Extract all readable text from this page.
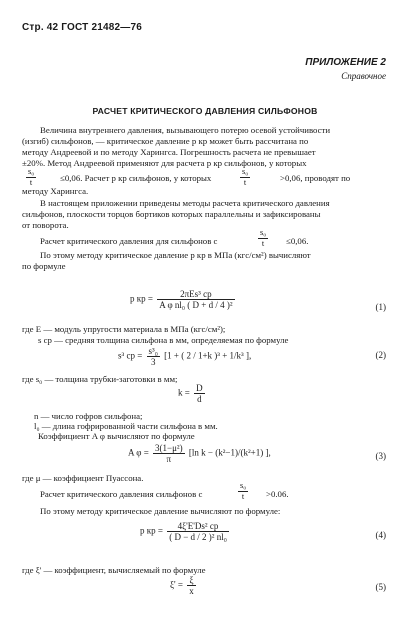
Стр. 42 ГОСТ 21482—76
ПРИЛОЖЕНИЕ 2
Справочное
РАСЧЕТ КРИТИЧЕСКОГО ДАВЛЕНИЯ СИЛЬФОНОВ
Величина внутреннего давления, вызывающего потерю осевой устойчивости
(изгиб) сильфонов, — критическое давление p кр может быть рассчитана по
методу Андреевой и по методу Харингса. Погрешность расчета не превышает
±20%. Метод Андреевой применяют для расчета p кр сильфонов, у которых
$\frac{\text{s₀}}{t}$	≤0,06. Расчет p кр сильфонов, у которых	$\frac{\text{s₀}}{t}$	>0,06, проводят по
методу Харингса.
В настоящем приложении приведены методы расчета критического давления
сильфонов, плоскости торцов бортиков которых параллельны и зафиксированы
от поворота.
Расчет критического давления для сильфонов с	$\frac{\text{s₀}}{t} \le 0,06$.
По этому методу критическое давление p кр в МПа (кгс/см²) вычисляют
по формуле
p кр = $\frac{\text{2πEs³ ср}}{\text{A φ nl₀ ( D + d / 4 )²}}$	(1)
где E — модуль упругости материала в МПа (кгс/см²);
s ср — средняя толщина сильфона в мм, определяемая по формуле
s³ ср = $\frac{\text{s³₀}}{3} [1$ + ( 2 / 1+k )³ + 1/k³ ],	(2)
где s₀ — толщина трубки-заготовки в мм;
$k = \frac{D}{d}$
n — число гофров сильфона;
l₀ — длина гофрированной части сильфона в мм.
Коэффициент A φ вычисляют по формуле
A $\varphi = \frac{\text{3(1−μ²)}}{\pi} [\ln$ k − (k²−1)/(k²+1) ],	(3)
где μ — коэффициент Пуассона.
Расчет критического давления сильфонов с	$\frac{\text{s₀}}{t} >0.06$.
По этому методу критическое давление вычисляют по формуле:
p кр = $\frac{\text{4ξ'E'Ds² ср}}{\text{( D − d / 2 )² nl₀}}$	(4)
где ξ' — коэффициент, вычисляемый по формуле
$\xi' = \frac{\xi}{x}$	(5)
